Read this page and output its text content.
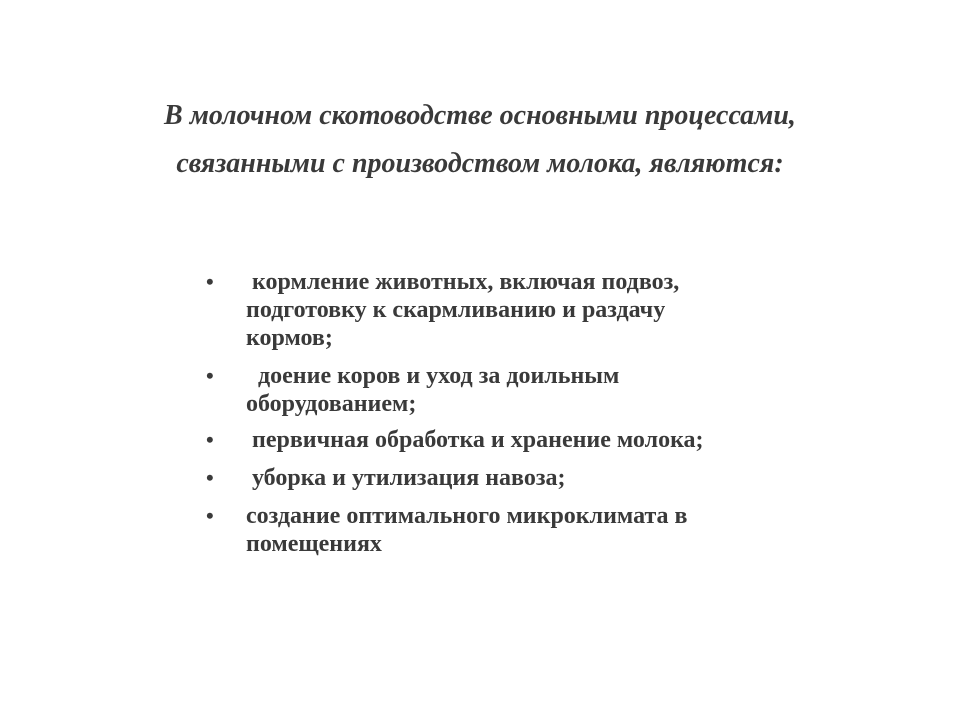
В молочном скотоводстве основными процессами,
связанными с производством молока, являются:
•	кормление животных, включая подвоз,
подготовку к скармливанию и раздачу
кормов;
•	доение коров и уход за доильным
оборудованием;
•	первичная обработка и хранение молока;
•	уборка и утилизация навоза;
•	создание оптимального микроклимата в
помещениях
